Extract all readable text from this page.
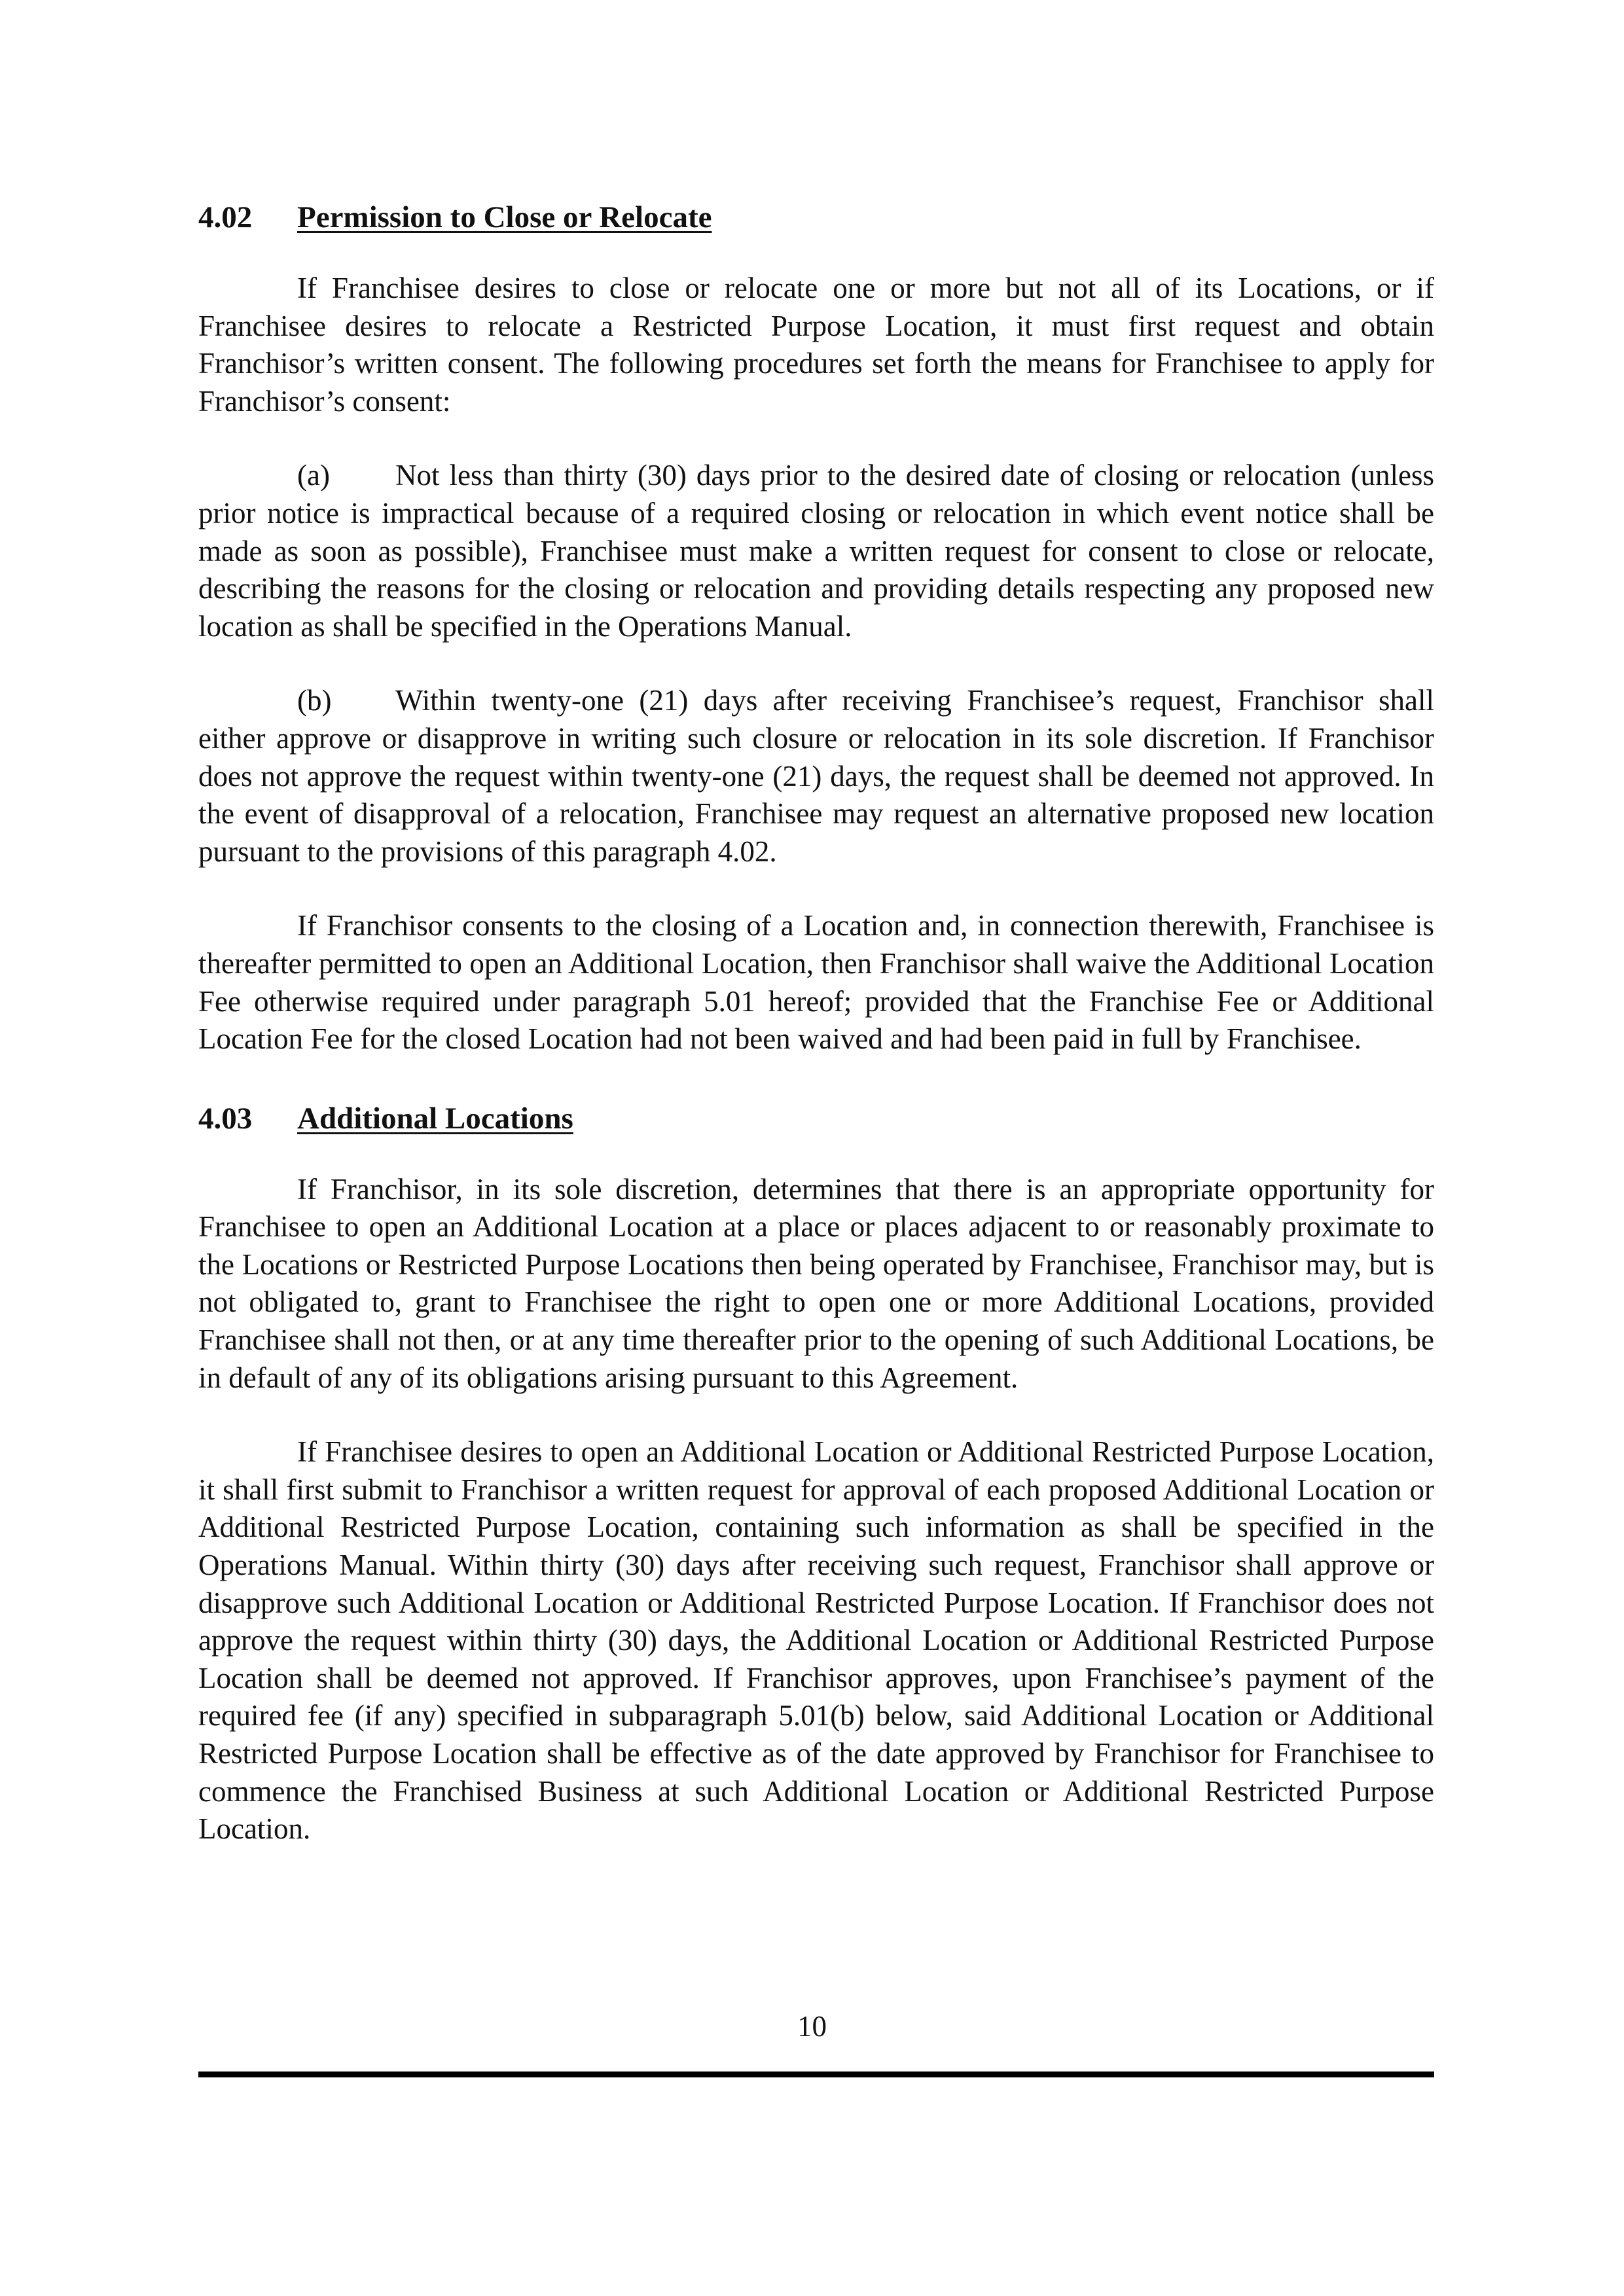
4.02 Permission to Close or Relocate

If Franchisee desires to close or relocate one or more but not all of its Locations, or if Franchisee desires to relocate a Restricted Purpose Location, it must first request and obtain Franchisor’s written consent. The following procedures set forth the means for Franchisee to apply for Franchisor’s consent:

(a) Not less than thirty (30) days prior to the desired date of closing or relocation (unless prior notice is impractical because of a required closing or relocation in which event notice shall be made as soon as possible), Franchisee must make a written request for consent to close or relocate, describing the reasons for the closing or relocation and providing details respecting any proposed new location as shall be specified in the Operations Manual.

(b) Within twenty-one (21) days after receiving Franchisee’s request, Franchisor shall either approve or disapprove in writing such closure or relocation in its sole discretion. If Franchisor does not approve the request within twenty-one (21) days, the request shall be deemed not approved. In the event of disapproval of a relocation, Franchisee may request an alternative proposed new location pursuant to the provisions of this paragraph 4.02.

If Franchisor consents to the closing of a Location and, in connection therewith, Franchisee is thereafter permitted to open an Additional Location, then Franchisor shall waive the Additional Location Fee otherwise required under paragraph 5.01 hereof; provided that the Franchise Fee or Additional Location Fee for the closed Location had not been waived and had been paid in full by Franchisee.

4.03 Additional Locations

If Franchisor, in its sole discretion, determines that there is an appropriate opportunity for Franchisee to open an Additional Location at a place or places adjacent to or reasonably proximate to the Locations or Restricted Purpose Locations then being operated by Franchisee, Franchisor may, but is not obligated to, grant to Franchisee the right to open one or more Additional Locations, provided Franchisee shall not then, or at any time thereafter prior to the opening of such Additional Locations, be in default of any of its obligations arising pursuant to this Agreement.

If Franchisee desires to open an Additional Location or Additional Restricted Purpose Location, it shall first submit to Franchisor a written request for approval of each proposed Additional Location or Additional Restricted Purpose Location, containing such information as shall be specified in the Operations Manual. Within thirty (30) days after receiving such request, Franchisor shall approve or disapprove such Additional Location or Additional Restricted Purpose Location. If Franchisor does not approve the request within thirty (30) days, the Additional Location or Additional Restricted Purpose Location shall be deemed not approved. If Franchisor approves, upon Franchisee’s payment of the required fee (if any) specified in subparagraph 5.01(b) below, said Additional Location or Additional Restricted Purpose Location shall be effective as of the date approved by Franchisor for Franchisee to commence the Franchised Business at such Additional Location or Additional Restricted Purpose Location.

10
